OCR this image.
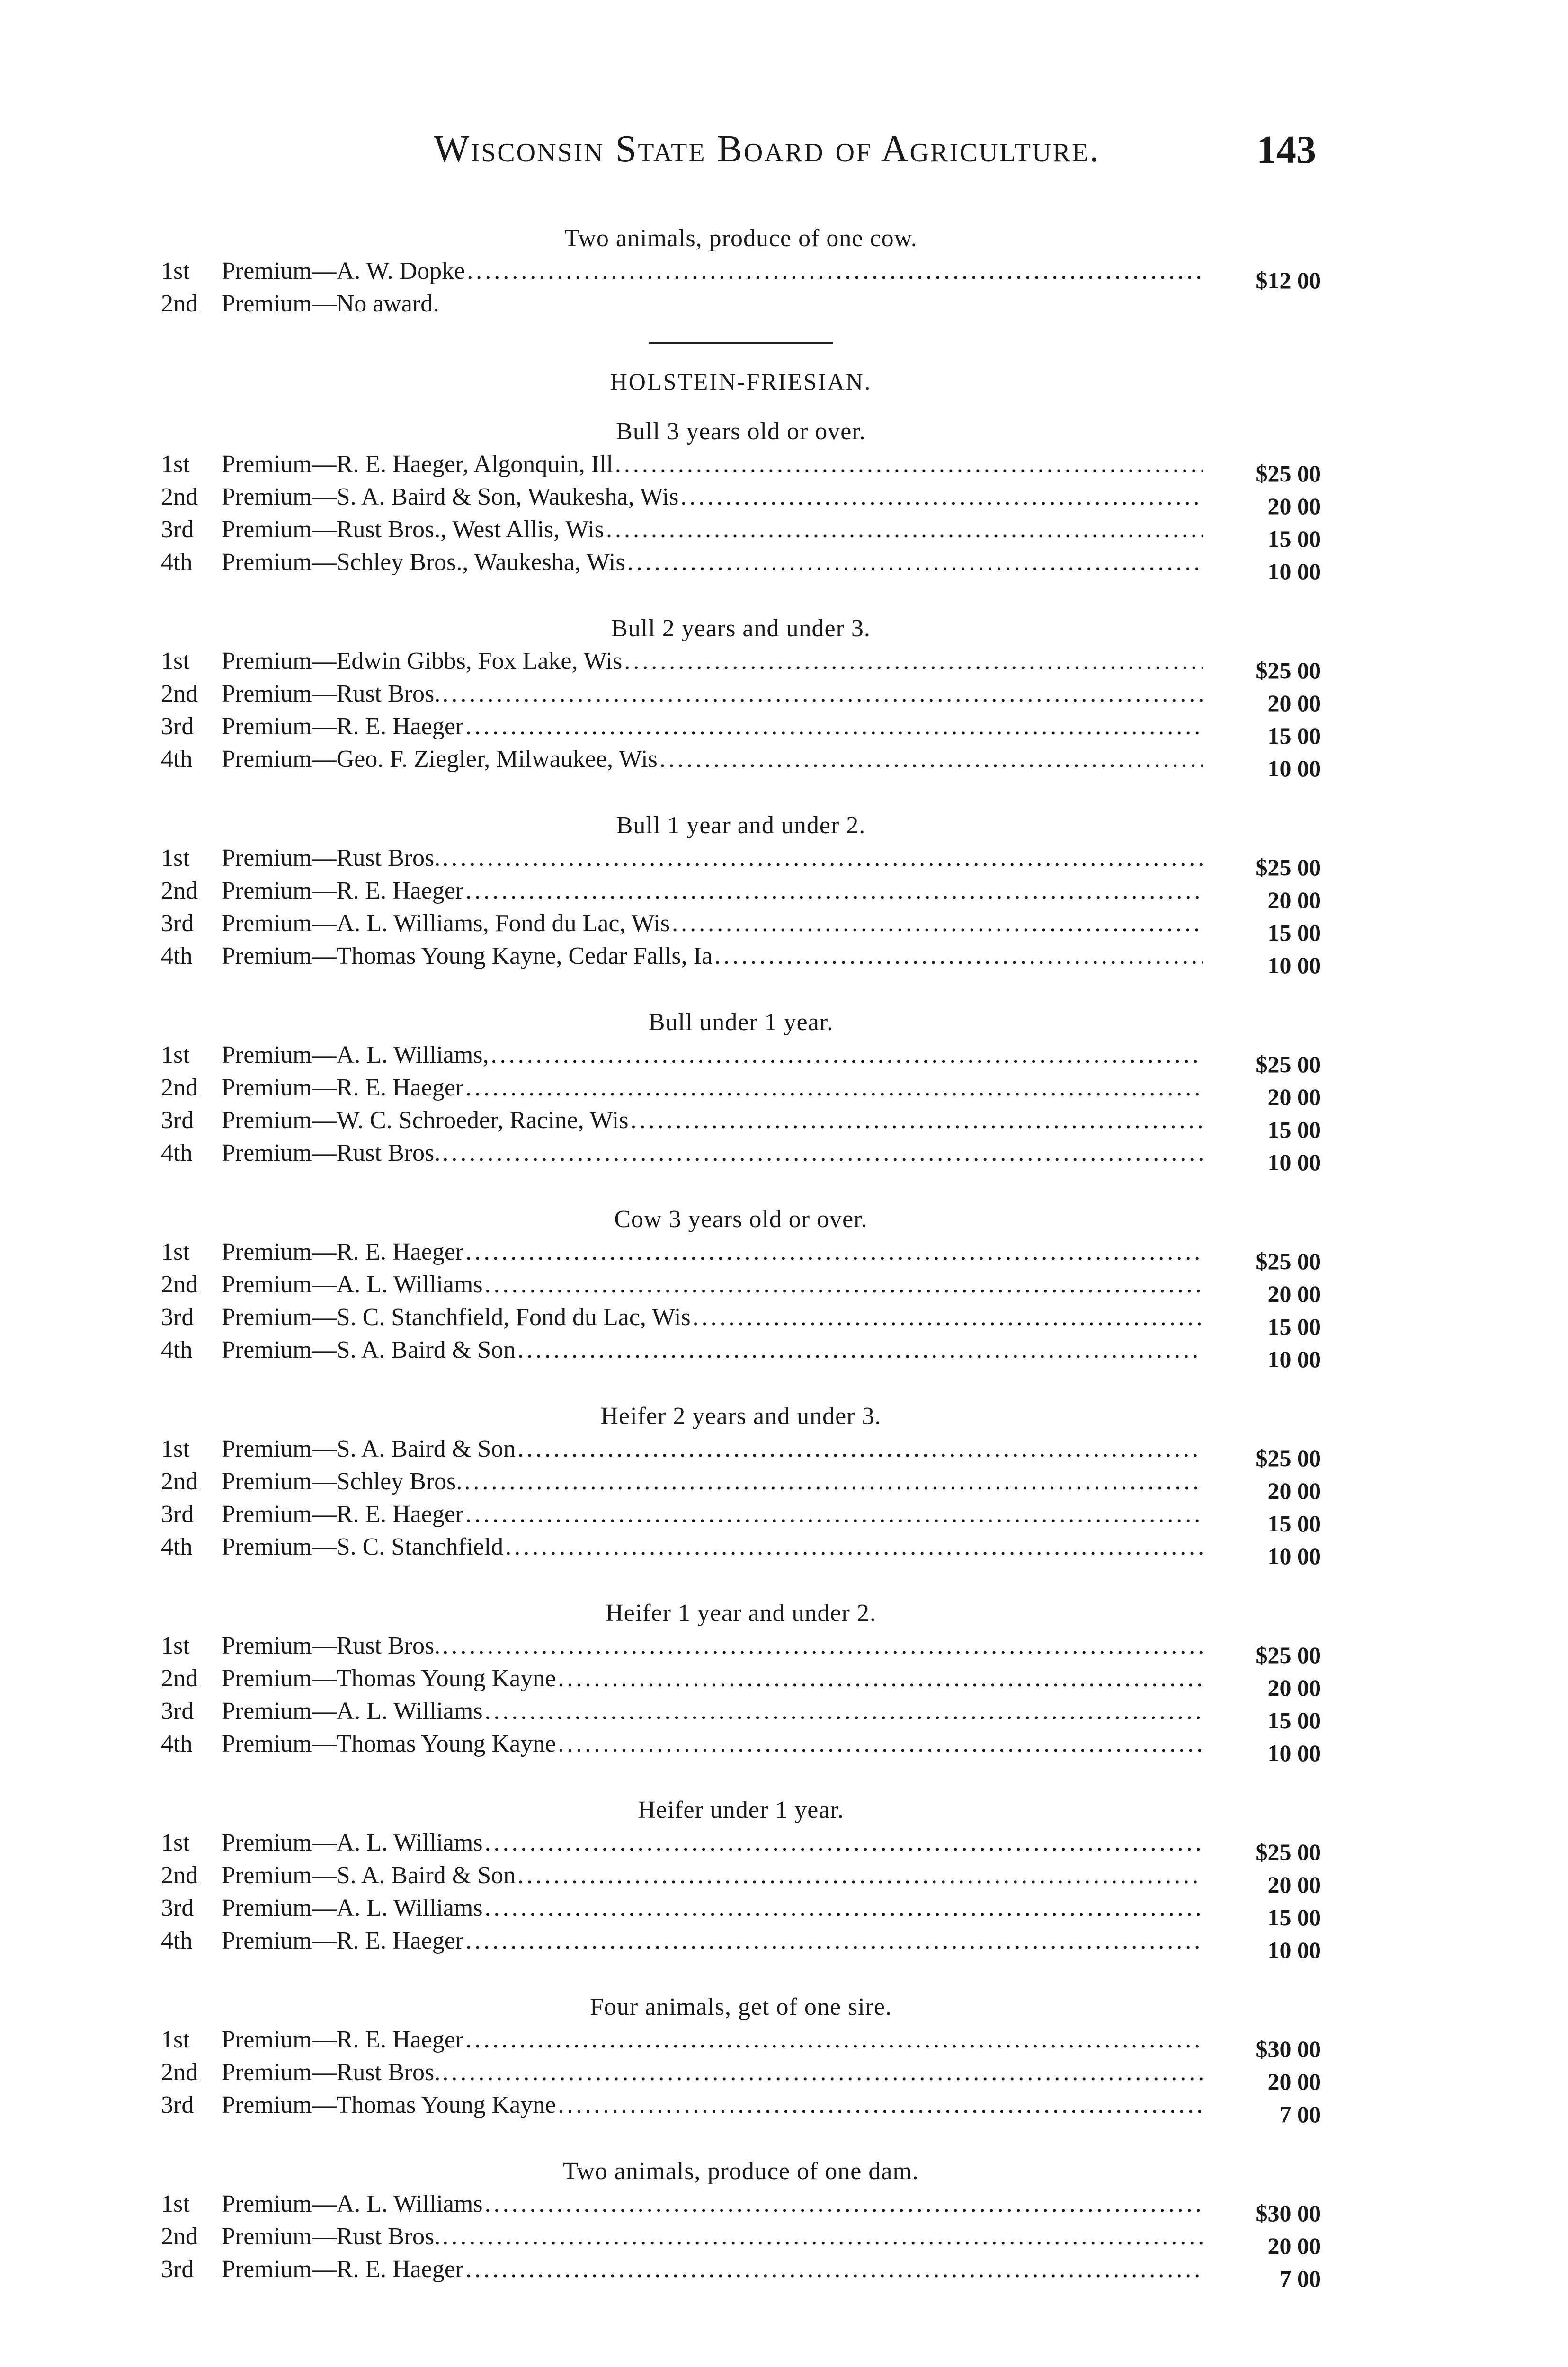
Wisconsin State Board of Agriculture.	143
Two animals, produce of one cow.
1st	Premium—A. W. Dopke .....	$12 00
2nd Premium—No award.
HOLSTEIN-FRIESIAN.
Bull 3 years old or over.
1st	Premium—R. E. Haeger, Algonquin, Ill .....	$25 00
2nd Premium—S. A. Baird & Son, Waukesha, Wis .....	20 00
3rd	Premium—Rust Bros., West Allis, Wis .....	15 00
4th	Premium—Schley Bros., Waukesha, Wis .....	10 00
Bull 2 years and under 3.
1st	Premium—Edwin Gibbs, Fox Lake, Wis .....	$25 00
2nd Premium—Rust Bros. .....	20 00
3rd	Premium—R. E. Haeger .....	15 00
4th	Premium—Geo. F. Ziegler, Milwaukee, Wis .....	10 00
Bull 1 year and under 2.
1st	Premium—Rust Bros. .....	$25 00
2nd Premium—R. E. Haeger .....	20 00
3rd	Premium—A. L. Williams, Fond du Lac, Wis .....	15 00
4th	Premium—Thomas Young Kayne, Cedar Falls, Ia .....	10 00
Bull under 1 year.
1st	Premium—A. L. Williams, .....	$25 00
2nd Premium—R. E. Haeger .....	20 00
3rd	Premium—W. C. Schroeder, Racine, Wis .....	15 00
4th	Premium—Rust Bros. .....	10 00
Cow 3 years old or over.
1st	Premium—R. E. Haeger .....	$25 00
2nd Premium—A. L. Williams .....	20 00
3rd	Premium—S. C. Stanchfield, Fond du Lac, Wis .....	15 00
4th	Premium—S. A. Baird & Son .....	10 00
Heifer 2 years and under 3.
1st	Premium—S. A. Baird & Son .....	$25 00
2nd Premium—Schley Bros. .....	20 00
3rd	Premium—R. E. Haeger .....	15 00
4th	Premium—S. C. Stanchfield .....	10 00
Heifer 1 year and under 2.
1st	Premium—Rust Bros. .....	$25 00
2nd Premium—Thomas Young Kayne .....	20 00
3rd	Premium—A. L. Williams .....	15 00
4th	Premium—Thomas Young Kayne .....	10 00
Heifer under 1 year.
1st	Premium—A. L. Williams .....	$25 00
2nd Premium—S. A. Baird & Son .....	20 00
3rd	Premium—A. L. Williams .....	15 00
4th	Premium—R. E. Haeger .....	10 00
Four animals, get of one sire.
1st	Premium—R. E. Haeger .....	$30 00
2nd Premium—Rust Bros. .....	20 00
3rd	Premium—Thomas Young Kayne .....	7 00
Two animals, produce of one dam.
1st	Premium—A. L. Williams .....	$30 00
2nd Premium—Rust Bros. .....	20 00
3rd	Premium—R. E. Haeger .....	7 00
